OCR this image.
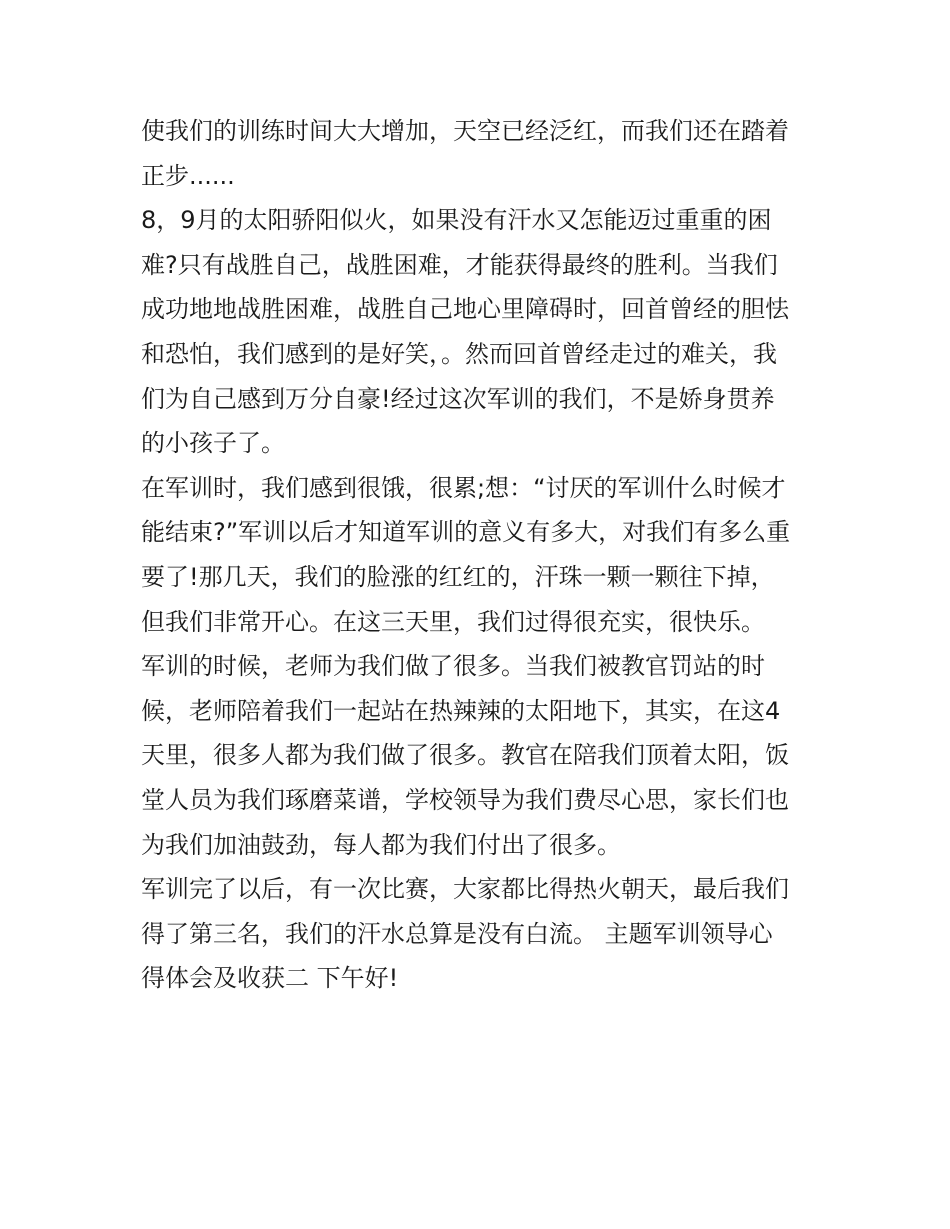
使我们的训练时间大大增加，天空已经泛红，而我们还在踏着
正步......
8，9月的太阳骄阳似火，如果没有汗水又怎能迈过重重的困
难?只有战胜自己，战胜困难，才能获得最终的胜利。当我们
成功地地战胜困难，战胜自己地心里障碍时，回首曾经的胆怯
和恐怕，我们感到的是好笑，。然而回首曾经走过的难关，我
们为自己感到万分自豪!经过这次军训的我们，不是娇身贯养
的小孩子了。
在军训时，我们感到很饿，很累;想：“讨厌的军训什么时候才
能结束?”军训以后才知道军训的意义有多大，对我们有多么重
要了!那几天，我们的脸涨的红红的，汗珠一颗一颗往下掉，
但我们非常开心。在这三天里，我们过得很充实，很快乐。
军训的时候，老师为我们做了很多。当我们被教官罚站的时
候，老师陪着我们一起站在热辣辣的太阳地下，其实，在这4
天里，很多人都为我们做了很多。教官在陪我们顶着太阳，饭
堂人员为我们琢磨菜谱，学校领导为我们费尽心思，家长们也
为我们加油鼓劲，每人都为我们付出了很多。
军训完了以后，有一次比赛，大家都比得热火朝天，最后我们
得了第三名，我们的汗水总算是没有白流。 主题军训领导心
得体会及收获二 下午好!
